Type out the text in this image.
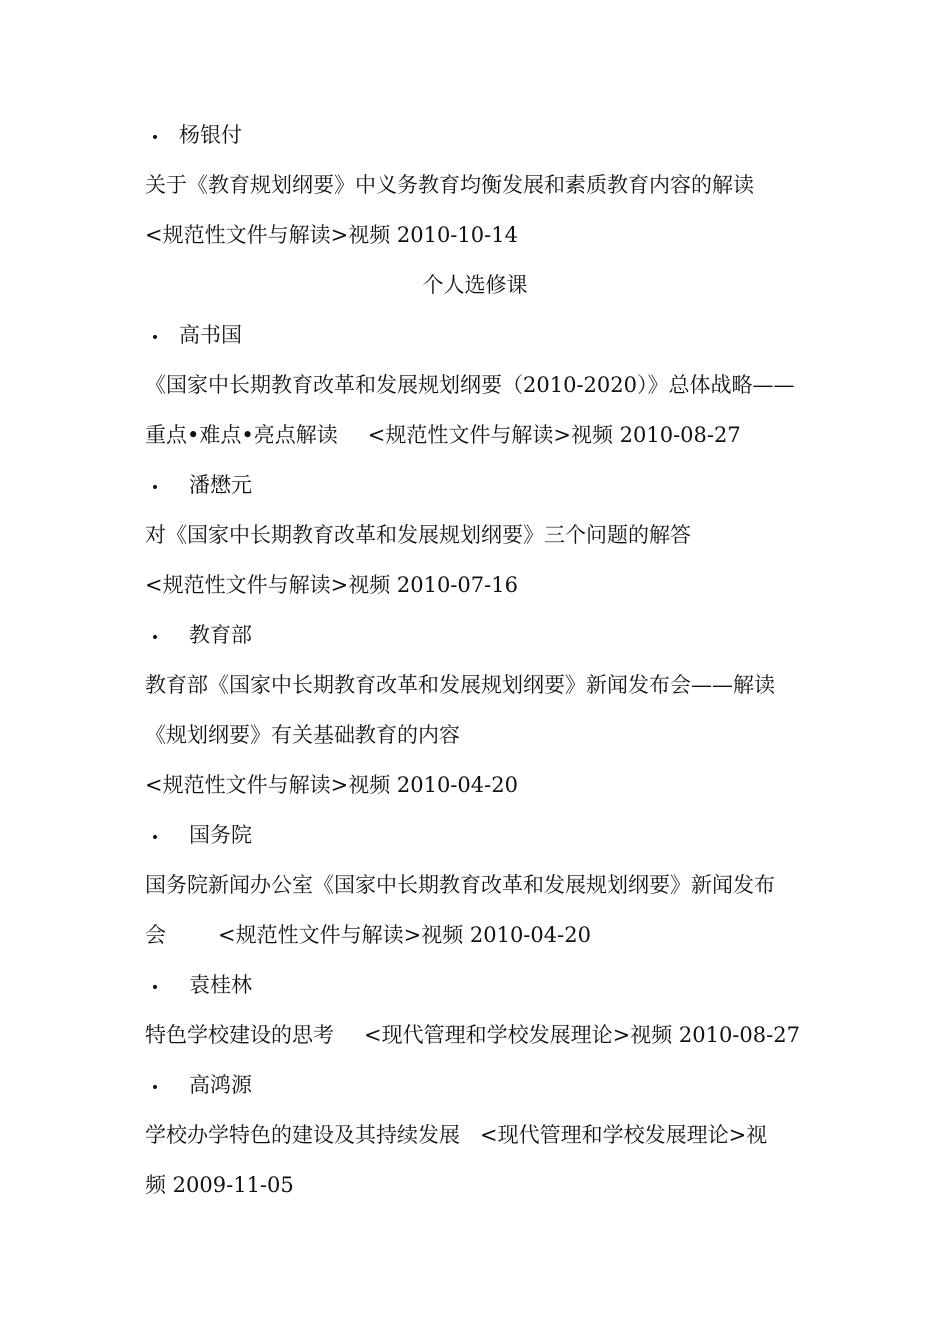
• 杨银付
关于《教育规划纲要》中义务教育均衡发展和素质教育内容的解读
<规范性文件与解读>视频 2010-10-14
个人选修课
• 高书国
《国家中长期教育改革和发展规划纲要（2010-2020）》总体战略——
重点•难点•亮点解读 <规范性文件与解读>视频 2010-08-27
• 潘懋元
对《国家中长期教育改革和发展规划纲要》三个问题的解答
<规范性文件与解读>视频 2010-07-16
• 教育部
教育部《国家中长期教育改革和发展规划纲要》新闻发布会——解读
《规划纲要》有关基础教育的内容
<规范性文件与解读>视频 2010-04-20
• 国务院
国务院新闻办公室《国家中长期教育改革和发展规划纲要》新闻发布
会 <规范性文件与解读>视频 2010-04-20
• 袁桂林
特色学校建设的思考 <现代管理和学校发展理论>视频 2010-08-27
• 高鸿源
学校办学特色的建设及其持续发展 <现代管理和学校发展理论>视
频 2009-11-05
